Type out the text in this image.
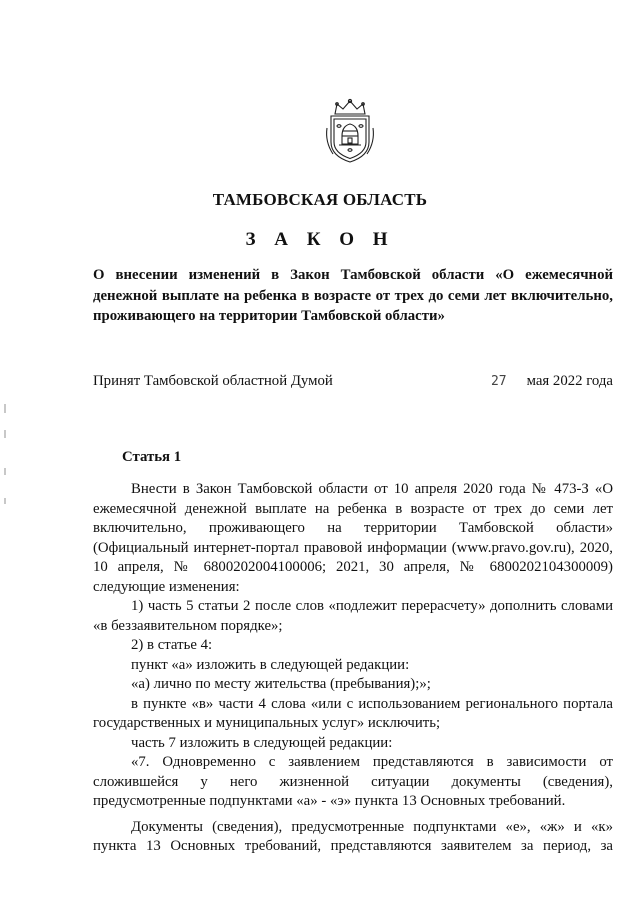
ТАМБОВСКАЯ ОБЛАСТЬ
З А К О Н
О внесении изменений в Закон Тамбовской области «О ежемесячной денежной выплате на ребенка в возрасте от трех до семи лет включительно, проживающего на территории Тамбовской области»
Принят Тамбовской областной Думой	27 мая 2022 года
Статья 1

Внести в Закон Тамбовской области от 10 апреля 2020 года № 473-З «О ежемесячной денежной выплате на ребенка в возрасте от трех до семи лет включительно, проживающего на территории Тамбовской области» (Официальный интернет-портал правовой информации (www.pravo.gov.ru), 2020, 10 апреля, № 6800202004100006; 2021, 30 апреля, № 6800202104300009) следующие изменения:

1) часть 5 статьи 2 после слов «подлежит перерасчету» дополнить словами «в беззаявительном порядке»;

2) в статье 4:

пункт «а» изложить в следующей редакции:

«а) лично по месту жительства (пребывания);»;

в пункте «в» части 4 слова «или с использованием регионального портала государственных и муниципальных услуг» исключить;

часть 7 изложить в следующей редакции:

«7. Одновременно с заявлением представляются в зависимости от сложившейся у него жизненной ситуации документы (сведения), предусмотренные подпунктами «а» - «э» пункта 13 Основных требований.

Документы (сведения), предусмотренные подпунктами «е», «ж» и «к» пункта 13 Основных требований, представляются заявителем за период, за
